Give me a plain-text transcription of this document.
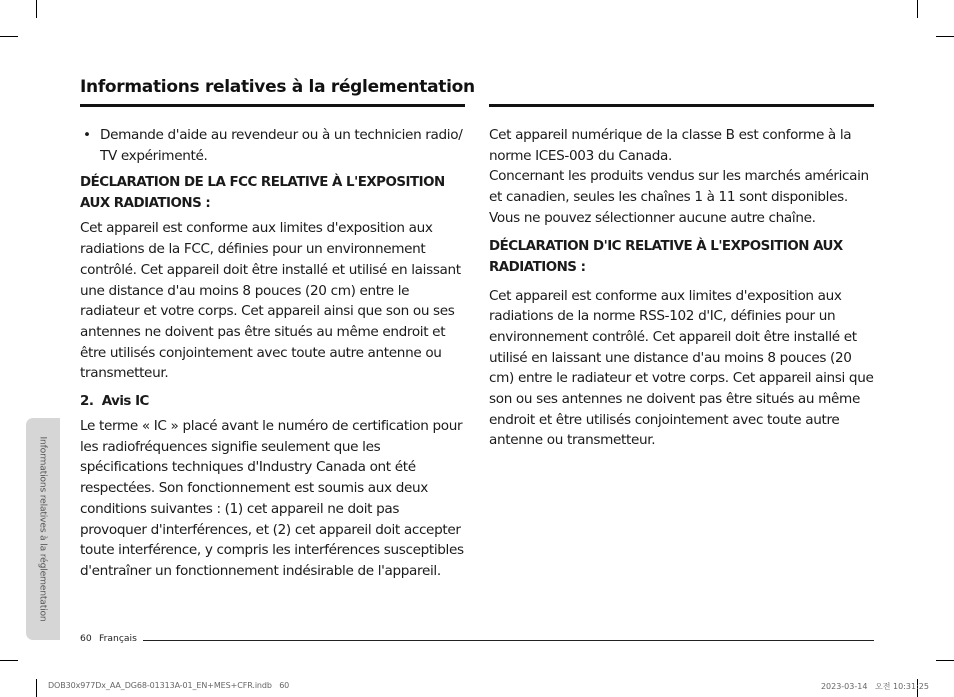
Informations relatives à la réglementation

• Demande d'aide au revendeur ou à un technicien radio/ TV expérimenté.

DÉCLARATION DE LA FCC RELATIVE À L'EXPOSITION AUX RADIATIONS :

Cet appareil est conforme aux limites d'exposition aux radiations de la FCC, définies pour un environnement contrôlé. Cet appareil doit être installé et utilisé en laissant une distance d'au moins 8 pouces (20 cm) entre le radiateur et votre corps. Cet appareil ainsi que son ou ses antennes ne doivent pas être situés au même endroit et être utilisés conjointement avec toute autre antenne ou transmetteur.

2.  Avis IC

Le terme « IC » placé avant le numéro de certification pour les radiofréquences signifie seulement que les spécifications techniques d'Industry Canada ont été respectées. Son fonctionnement est soumis aux deux conditions suivantes : (1) cet appareil ne doit pas provoquer d'interférences, et (2) cet appareil doit accepter toute interférence, y compris les interférences susceptibles d'entraîner un fonctionnement indésirable de l'appareil.

Cet appareil numérique de la classe B est conforme à la norme ICES-003 du Canada.

Concernant les produits vendus sur les marchés américain et canadien, seules les chaînes 1 à 11 sont disponibles. Vous ne pouvez sélectionner aucune autre chaîne.

DÉCLARATION D'IC RELATIVE À L'EXPOSITION AUX RADIATIONS :

Cet appareil est conforme aux limites d'exposition aux radiations de la norme RSS-102 d'IC, définies pour un environnement contrôlé. Cet appareil doit être installé et utilisé en laissant une distance d'au moins 8 pouces (20 cm) entre le radiateur et votre corps. Cet appareil ainsi que son ou ses antennes ne doivent pas être situés au même endroit et être utilisés conjointement avec toute autre antenne ou transmetteur.

Informations relatives à la réglementation
60 Français
DOB30x977Dx_AA_DG68-01313A-01_EN+MES+CFR.indb   60	2023-03-14   오전 10:31:25
